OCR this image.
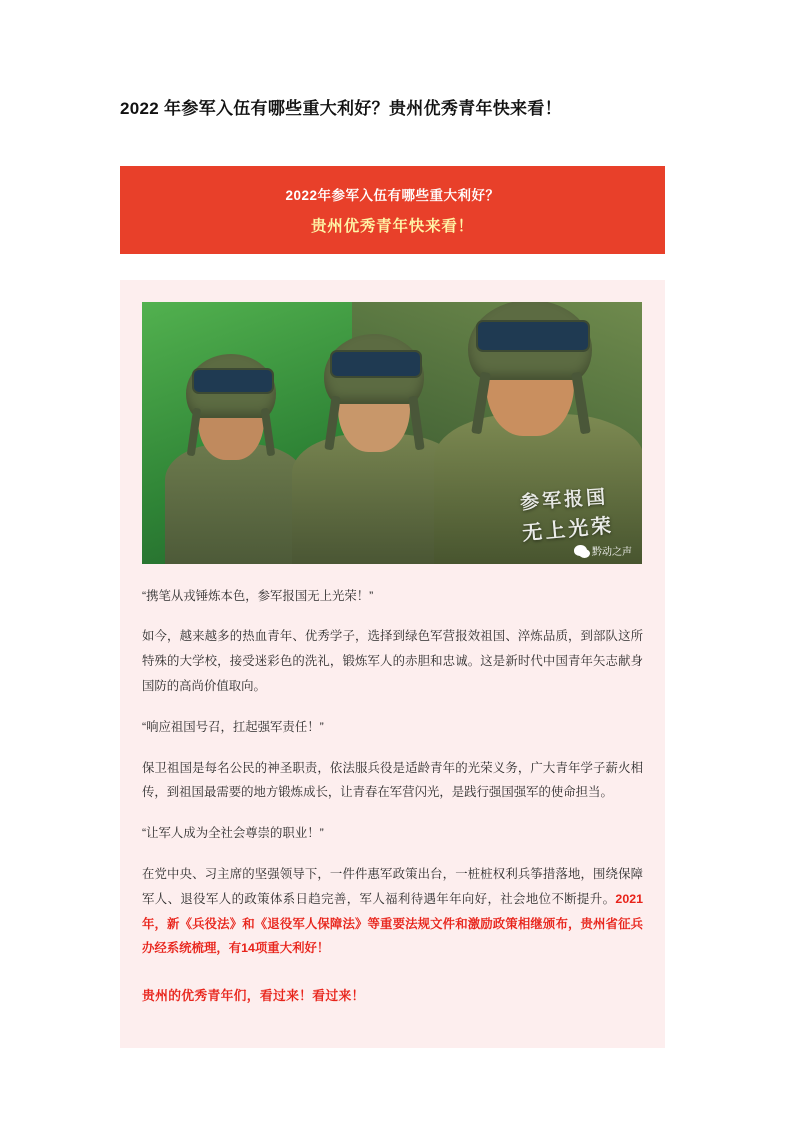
2022 年参军入伍有哪些重大利好？贵州优秀青年快来看！
2022年参军入伍有哪些重大利好？
贵州优秀青年快来看！
参军报国
无上光荣
黔动之声

“携笔从戎锤炼本色，参军报国无上光荣！”

如今，越来越多的热血青年、优秀学子，选择到绿色军营报效祖国、淬炼品质，到部队这所特殊的大学校，接受迷彩色的洗礼，锻炼军人的赤胆和忠诚。这是新时代中国青年矢志献身国防的高尚价值取向。

“响应祖国号召，扛起强军责任！”

保卫祖国是每名公民的神圣职责，依法服兵役是适龄青年的光荣义务，广大青年学子薪火相传，到祖国最需要的地方锻炼成长，让青春在军营闪光，是践行强国强军的使命担当。

“让军人成为全社会尊崇的职业！”

在党中央、习主席的坚强领导下，一件件惠军政策出台，一桩桩权利兵筝措落地，围绕保障军人、退役军人的政策体系日趋完善，军人福利待遇年年向好，社会地位不断提升。2021年，新《兵役法》和《退役军人保障法》等重要法规文件和激励政策相继颁布，贵州省征兵办经系统梳理，有14项重大利好！

贵州的优秀青年们，看过来！看过来！
